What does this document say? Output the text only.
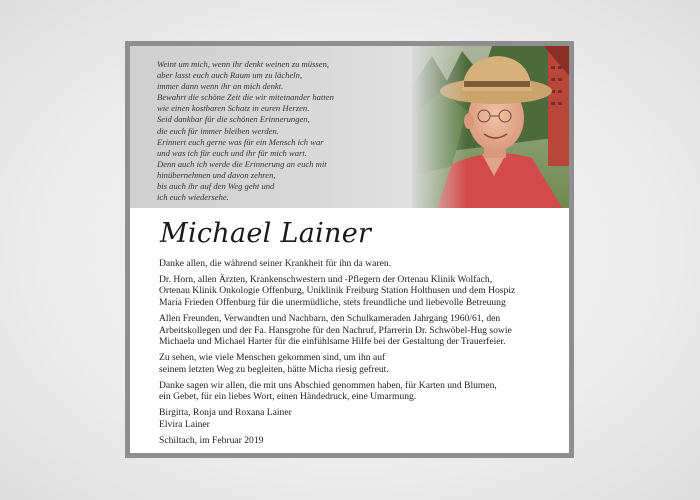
Weint um mich, wenn ihr denkt weinen zu müssen,
aber lasst euch auch Raum um zu lächeln,
immer dann wenn ihr an mich denkt.
Bewahrt die schöne Zeit die wir miteinander hatten
wie einen kostbaren Schatz in euren Herzen.
Seid dankbar für die schönen Erinnerungen,
die euch für immer bleiben werden.
Erinnert euch gerne was für ein Mensch ich war
und was ich für euch und ihr für mich wart.
Denn auch ich werde die Erinnerung an euch mit
hinübernehmen und davon zehren,
bis auch ihr auf den Weg geht und
ich euch wiedersehe.
Michael Lainer

Danke allen, die während seiner Krankheit für ihn da waren.

Dr. Horn, allen Ärzten, Krankenschwestern und -Pflegern der Ortenau Klinik Wolfach,
Ortenau Klinik Onkologie Offenburg, Uniklinik Freiburg Station Holthusen und dem Hospiz
Maria Frieden Offenburg für die unermüdliche, stets freundliche und liebevolle Betreuung

Allen Freunden, Verwandten und Nachbarn, den Schulkameraden Jahrgang 1960/61, den
Arbeitskollegen und der Fa. Hansgrohe für den Nachruf, Pfarrerin Dr. Schwöbel-Hug sowie
Michaela und Michael Harter für die einfühlsame Hilfe bei der Gestaltung der Trauerfeier.

Zu sehen, wie viele Menschen gekommen sind, um ihn auf
seinem letzten Weg zu begleiten, hätte Micha riesig gefreut.

Danke sagen wir allen, die mit uns Abschied genommen haben, für Karten und Blumen,
ein Gebet, für ein liebes Wort, einen Händedruck, eine Umarmung.

Birgitta, Ronja und Roxana Lainer
Elvira Lainer

Schiltach, im Februar 2019
